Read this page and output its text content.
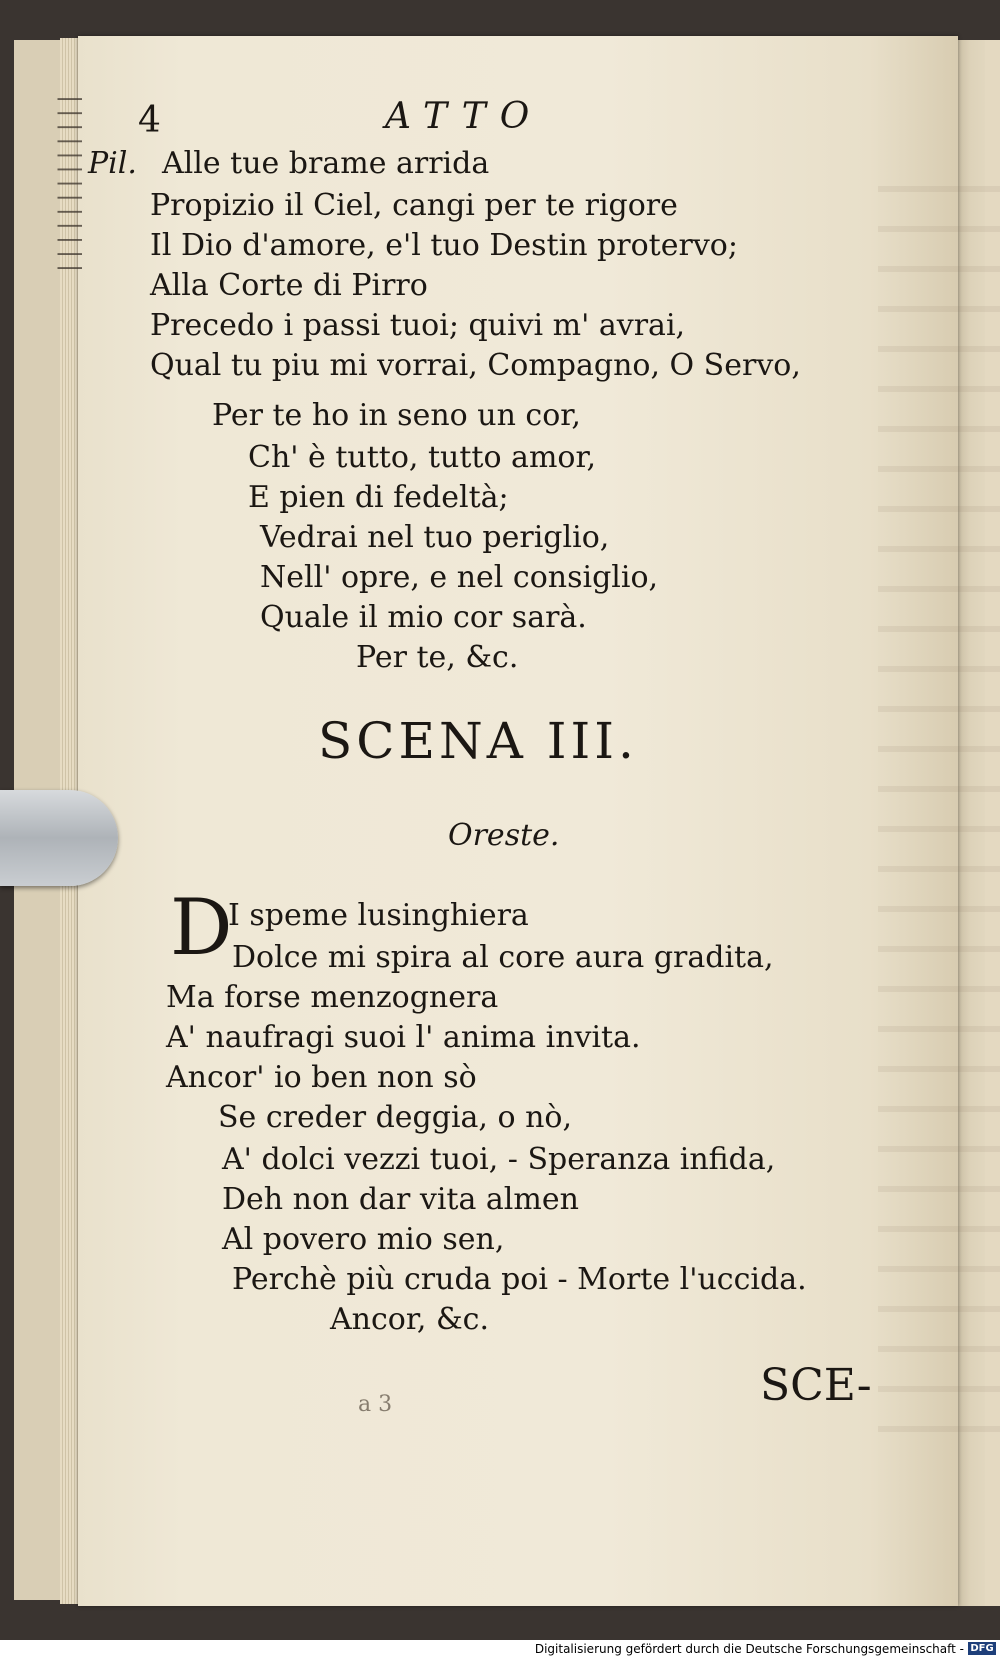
||||||||||||| 4	ATTO
Pil. Alle tue brame arrida
Propizio il Ciel, cangi per te rigore
Il Dio d'amore, e'l tuo Destin protervo;
Alla Corte di Pirro
Precedo i passi tuoi; quivi m' avrai,
Qual tu piu mi vorrai, Compagno, O Servo,
Per te ho in seno un cor,
Ch' è tutto, tutto amor,
E pien di fedeltà;
Vedrai nel tuo periglio,
Nell' opre, e nel consiglio,
Quale il mio cor sarà.
Per te, &c.
SCENA III.
Oreste.
D
I speme lusinghiera
Dolce mi spira al core aura gradita,
Ma forse menzognera
A' naufragi suoi l' anima invita.
Ancor' io ben non sò
Se creder deggia, o nò,
A' dolci vezzi tuoi, - Speranza infida,
Deh non dar vita almen
Al povero mio sen,
Perchè più cruda poi - Morte l'uccida.
Ancor, &c.
SCE-
a 3
Digitalisierung gefördert durch die Deutsche Forschungsgemeinschaft - DFG
